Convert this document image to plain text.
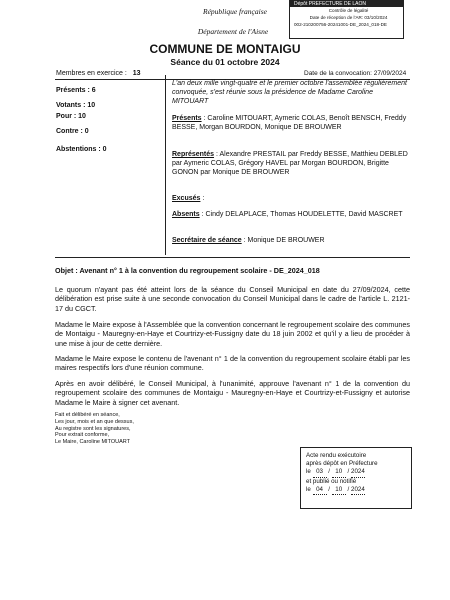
République française
Département de l'Aisne
Dépôt PREFECTURE DE LAON
Contrôle de légalité
Date de réception de l'AR: 03/10/2024
002-210200756-20241001-DE_2024_018-DE
COMMUNE DE MONTAIGU
Séance du 01 octobre 2024
Membres en exercice : 13	Date de la convocation: 27/09/2024
Présents : 6
Votants : 10
Pour : 10
Contre : 0
Abstentions : 0
L'an deux mille vingt-quatre et le premier octobre l'assemblée régulièrement convoquée, s'est réunie sous la présidence de Madame Caroline MITOUART
Présents : Caroline MITOUART, Aymeric COLAS, Benoît BENSCH, Freddy BESSE, Morgan BOURDON, Monique DE BROUWER
Représentés : Alexandre PRESTAIL par Freddy BESSE, Matthieu DEBLED par Aymeric COLAS, Grégory HAVEL par Morgan BOURDON, Brigitte GONON par Monique DE BROUWER
Excusés :
Absents : Cindy DELAPLACE, Thomas HOUDELETTE, David MASCRET
Secrétaire de séance : Monique DE BROUWER
Objet : Avenant n° 1 à la convention du regroupement scolaire - DE_2024_018
Le quorum n'ayant pas été atteint lors de la séance du Conseil Municipal en date du 27/09/2024, cette délibération est prise suite à une seconde convocation du Conseil Municipal dans le cadre de l'article L. 2121-17 du CGCT.
Madame le Maire expose à l'Assemblée que la convention concernant le regroupement scolaire des communes de Montaigu - Mauregny-en-Haye et Courtrizy-et-Fussigny date du 18 juin 2002 et qu'il y a lieu de procéder à une mise à jour de cette dernière.
Madame le Maire expose le contenu de l'avenant n° 1 de la convention du regroupement scolaire établi par les maires respectifs lors d'une réunion commune.
Après en avoir délibéré, le Conseil Municipal, à l'unanimité, approuve l'avenant n° 1 de la convention du regroupement scolaire des communes de Montaigu - Mauregny-en-Haye et Courtrizy-et-Fussigny et autorise Madame le Maire à signer cet avenant.
Fait et délibéré en séance,
Les jour, mois et an que dessus,
Au registre sont les signatures,
Pour extrait conforme,
Le Maire, Caroline MITOUART
Acte rendu exécutoire
après dépôt en Préfecture
le 03 / 10 / 2024
et publié ou notifié
le 04 / 10 / 2024
